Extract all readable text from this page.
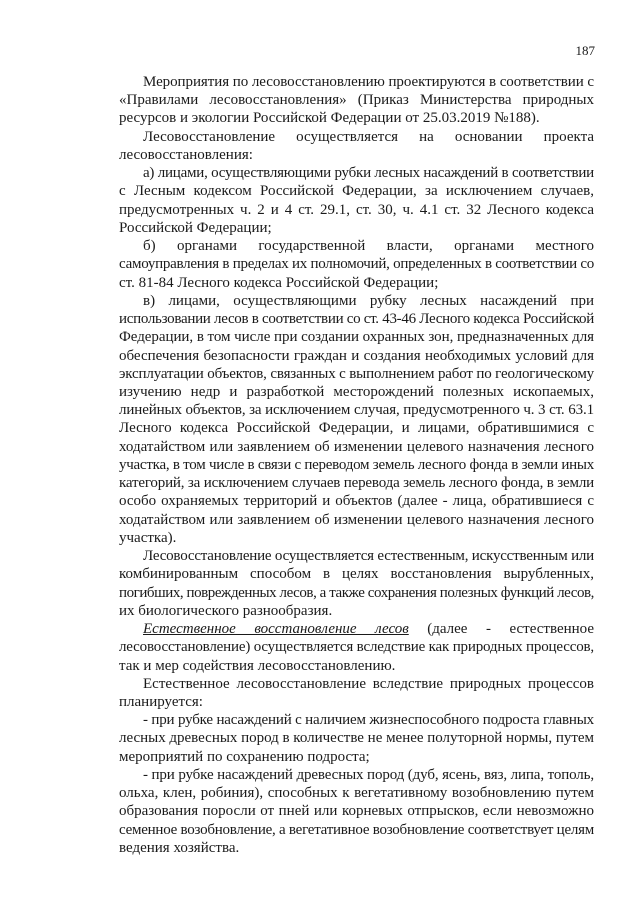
187
Мероприятия по лесовосстановлению проектируются в соответствии с
«Правилами лесовосстановления» (Приказ Министерства природных
ресурсов и экологии Российской Федерации от 25.03.2019 №188).
Лесовосстановление осуществляется на основании проекта
лесовосстановления:
а) лицами, осуществляющими рубки лесных насаждений в соответствии
с Лесным кодексом Российской Федерации, за исключением случаев,
предусмотренных ч. 2 и 4 ст. 29.1, ст. 30, ч. 4.1 ст. 32 Лесного кодекса
Российской Федерации;
б) органами государственной власти, органами местного
самоуправления в пределах их полномочий, определенных в соответствии со
ст. 81-84 Лесного кодекса Российской Федерации;
в) лицами, осуществляющими рубку лесных насаждений при
использовании лесов в соответствии со ст. 43-46 Лесного кодекса Российской
Федерации, в том числе при создании охранных зон, предназначенных для
обеспечения безопасности граждан и создания необходимых условий для
эксплуатации объектов, связанных с выполнением работ по геологическому
изучению недр и разработкой месторождений полезных ископаемых,
линейных объектов, за исключением случая, предусмотренного ч. 3 ст. 63.1
Лесного кодекса Российской Федерации, и лицами, обратившимися с
ходатайством или заявлением об изменении целевого назначения лесного
участка, в том числе в связи с переводом земель лесного фонда в земли иных
категорий, за исключением случаев перевода земель лесного фонда, в земли
особо охраняемых территорий и объектов (далее - лица, обратившиеся с
ходатайством или заявлением об изменении целевого назначения лесного
участка).
Лесовосстановление осуществляется естественным, искусственным или
комбинированным способом в целях восстановления вырубленных,
погибших, поврежденных лесов, а также сохранения полезных функций лесов,
их биологического разнообразия.
Естественное восстановление лесов (далее - естественное
лесовосстановление) осуществляется вследствие как природных процессов,
так и мер содействия лесовосстановлению.
Естественное лесовосстановление вследствие природных процессов
планируется:
- при рубке насаждений с наличием жизнеспособного подроста главных
лесных древесных пород в количестве не менее полуторной нормы, путем
мероприятий по сохранению подроста;
- при рубке насаждений древесных пород (дуб, ясень, вяз, липа, тополь,
ольха, клен, робиния), способных к вегетативному возобновлению путем
образования поросли от пней или корневых отпрысков, если невозможно
семенное возобновление, а вегетативное возобновление соответствует целям
ведения хозяйства.
